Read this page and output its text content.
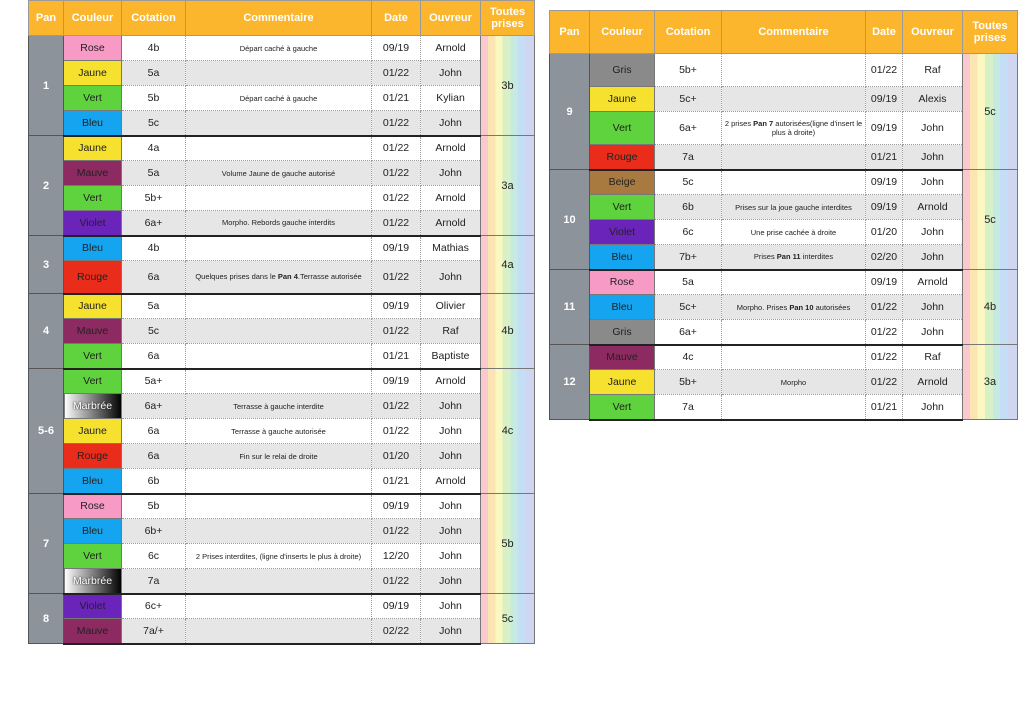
Pan	Couleur	Cotation	Commentaire	Date	Ouvreur	Toutes prises
1	Rose	4b	Départ caché à gauche	09/19	Arnold	3b
	Jaune	5a		01/22	John	
	Vert	5b	Départ caché à gauche	01/21	Kylian	
	Bleu	5c		01/22	John	
2	Jaune	4a		01/22	Arnold	3a
	Mauve	5a	Volume Jaune de gauche autorisé	01/22	John	
	Vert	5b+		01/22	Arnold	
	Violet	6a+	Morpho. Rebords gauche interdits	01/22	Arnold	
3	Bleu	4b		09/19	Mathias	4a
	Rouge	6a	Quelques prises dans le Pan 4.Terrasse autorisée	01/22	John	
4	Jaune	5a		09/19	Olivier	4b
	Mauve	5c		01/22	Raf	
	Vert	6a		01/21	Baptiste	
5-6	Vert	5a+		09/19	Arnold	4c
	Marbrée	6a+	Terrasse à gauche interdite	01/22	John	
	Jaune	6a	Terrasse à gauche autorisée	01/22	John	
	Rouge	6a	Fin sur le relai de droite	01/20	John	
	Bleu	6b		01/21	Arnold	
7	Rose	5b		09/19	John	5b
	Bleu	6b+		01/22	John	
	Vert	6c	2 Prises interdites, (ligne d'inserts le plus à droite)	12/20	John	
	Marbrée	7a		01/22	John	
8	Violet	6c+		09/19	John	5c
	Mauve	7a/+		02/22	John	
Pan	Couleur	Cotation	Commentaire	Date	Ouvreur	Toutes prises
9	Gris	5b+		01/22	Raf	5c
	Jaune	5c+		09/19	Alexis	
	Vert	6a+	2 prises Pan 7 autorisées(ligne d'insert le plus à droite)	09/19	John	
	Rouge	7a		01/21	John	
10	Beige	5c		09/19	John	5c
	Vert	6b	Prises sur la joue gauche interdites	09/19	Arnold	
	Violet	6c	Une prise cachée à droite	01/20	John	
	Bleu	7b+	Prises Pan 11 interdites	02/20	John	
11	Rose	5a		09/19	Arnold	4b
	Bleu	5c+	Morpho. Prises Pan 10 autorisées	01/22	John	
	Gris	6a+		01/22	John	
12	Mauve	4c		01/22	Raf	3a
	Jaune	5b+	Morpho	01/22	Arnold	
	Vert	7a		01/21	John	
